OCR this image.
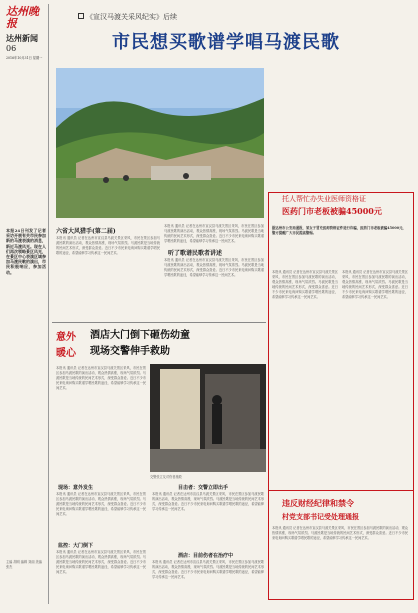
达州晚报
达州新闻
06
2016年10月31日 星期一
本报24日刊发了记者采访开展有关市民参加新的马渡表演的消息，新近马渡风光。现在人们再次领略景区风光，在景区中心表演区域参加马渡民歌的演出，市民积极响应，参加活动。
主编 胡明 编辑 刘丽 美编 张杰
《宣汉马渡关采风纪实》后续
市民想买歌谱学唱马渡民歌
六省大风猎手(第二届)
本报讯 通讯员 记者在达州市宣汉县马渡关景区采风，市民在景区参加马渡民歌的演出活动，观众热情高涨，现场气氛浓烈。马渡民歌是当地传统的民间艺术形式，深受群众喜爱。近日不少市民来电询问购买歌谱学唱民歌的途径，希望能够学习传承这一民间艺术。	听了歌谱民歌者讲述
本报讯 通讯员 记者在达州市宣汉县马渡关景区采风，市民在景区参加马渡民歌的演出活动，观众热情高涨，现场气氛浓烈。马渡民歌是当地传统的民间艺术形式，深受群众喜爱。近日不少市民来电询问购买歌谱学唱民歌的途径，希望能够学习传承这一民间艺术。
本报讯 通讯员 记者在达州市宣汉县马渡关景区采风，市民在景区参加马渡民歌的演出活动，观众热情高涨，现场气氛浓烈。马渡民歌是当地传统的民间艺术形式，深受群众喜爱。近日不少市民来电询问购买歌谱学唱民歌的途径，希望能够学习传承这一民间艺术。
意外
暖心
酒店大门倒下砸伤幼童
现场交警伸手救助
本报讯 通讯员 记者在达州市宣汉县马渡关景区采风，市民在景区参加马渡民歌的演出活动，观众热情高涨，现场气氛浓烈。马渡民歌是当地传统的民间艺术形式，深受群众喜爱。近日不少市民来电询问购买歌谱学唱民歌的途径，希望能够学习传承这一民间艺术。
交警张立友对伤者施救
现场：意外发生
本报讯 通讯员 记者在达州市宣汉县马渡关景区采风，市民在景区参加马渡民歌的演出活动，观众热情高涨，现场气氛浓烈。马渡民歌是当地传统的民间艺术形式，深受群众喜爱。近日不少市民来电询问购买歌谱学唱民歌的途径，希望能够学习传承这一民间艺术。
监控：大门倒下
本报讯 通讯员 记者在达州市宣汉县马渡关景区采风，市民在景区参加马渡民歌的演出活动，观众热情高涨，现场气氛浓烈。马渡民歌是当地传统的民间艺术形式，深受群众喜爱。近日不少市民来电询问购买歌谱学唱民歌的途径，希望能够学习传承这一民间艺术。
目击者：交警立即出手
本报讯 通讯员 记者在达州市宣汉县马渡关景区采风，市民在景区参加马渡民歌的演出活动，观众热情高涨，现场气氛浓烈。马渡民歌是当地传统的民间艺术形式，深受群众喜爱。近日不少市民来电询问购买歌谱学唱民歌的途径，希望能够学习传承这一民间艺术。
酒店：目前伤者在治疗中
本报讯 通讯员 记者在达州市宣汉县马渡关景区采风，市民在景区参加马渡民歌的演出活动，观众热情高涨，现场气氛浓烈。马渡民歌是当地传统的民间艺术形式，深受群众喜爱。近日不少市民来电询问购买歌谱学唱民歌的途径，希望能够学习传承这一民间艺术。
托人帮忙办失业医师资格证
医药门市老板被骗45000元
据达州市公安局通报，某女子冒充医师资格证件进行诈骗，医药门市老板被骗45000元，警方提醒广大市民提高警惕。
本报讯 通讯员 记者在达州市宣汉县马渡关景区采风，市民在景区参加马渡民歌的演出活动，观众热情高涨，现场气氛浓烈。马渡民歌是当地传统的民间艺术形式，深受群众喜爱。近日不少市民来电询问购买歌谱学唱民歌的途径，希望能够学习传承这一民间艺术。
本报讯 通讯员 记者在达州市宣汉县马渡关景区采风，市民在景区参加马渡民歌的演出活动，观众热情高涨，现场气氛浓烈。马渡民歌是当地传统的民间艺术形式，深受群众喜爱。近日不少市民来电询问购买歌谱学唱民歌的途径，希望能够学习传承这一民间艺术。
违反财经纪律和禁令
村党支部书记受处理通报
本报讯 通讯员 记者在达州市宣汉县马渡关景区采风，市民在景区参加马渡民歌的演出活动，观众热情高涨，现场气氛浓烈。马渡民歌是当地传统的民间艺术形式，深受群众喜爱。近日不少市民来电询问购买歌谱学唱民歌的途径，希望能够学习传承这一民间艺术。
